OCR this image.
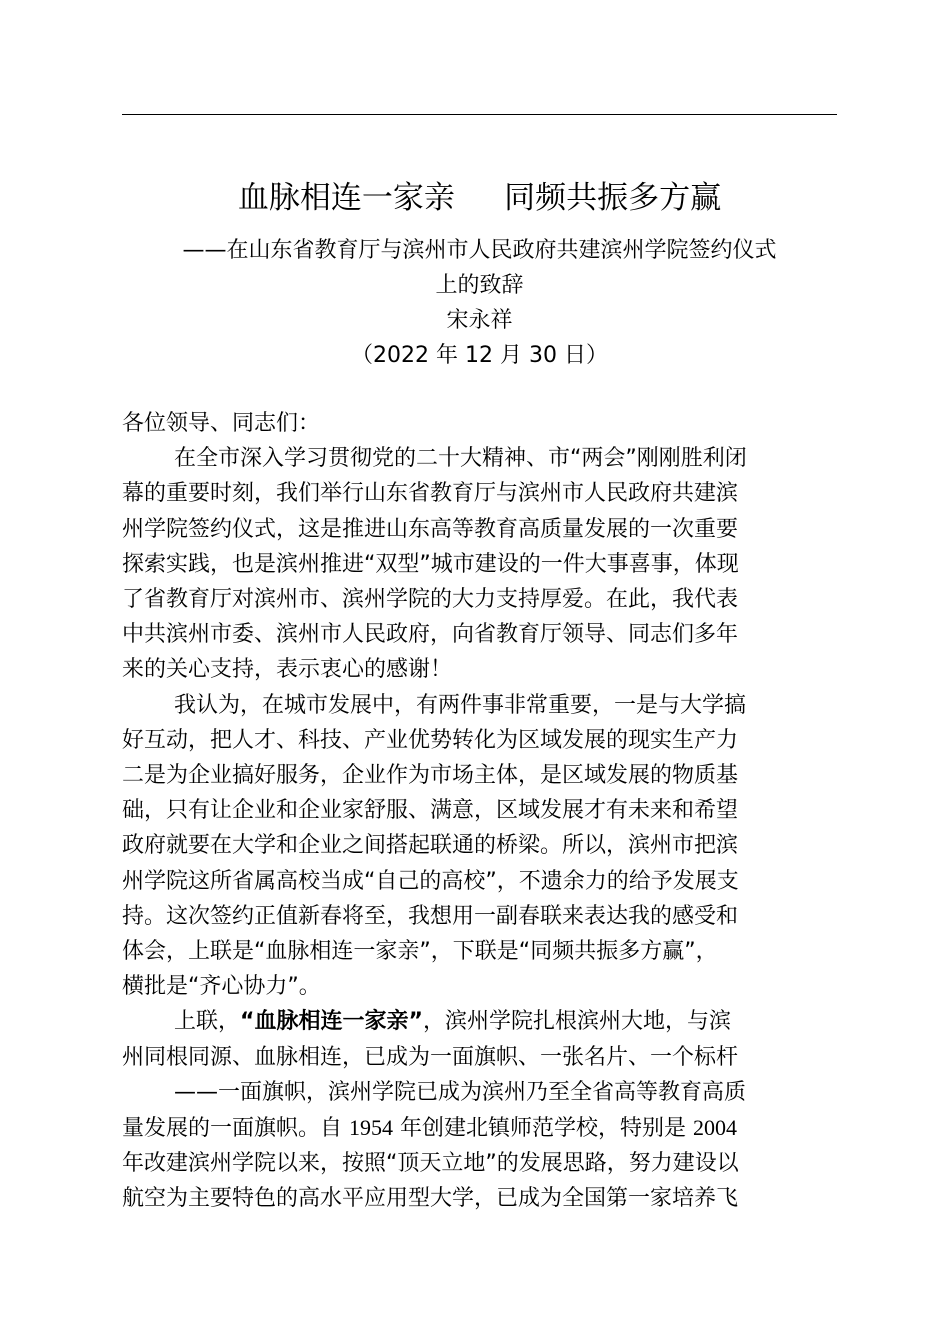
血脉相连一家亲     同频共振多方赢
——在山东省教育厅与滨州市人民政府共建滨州学院签约仪式
上的致辞
宋永祥
（2022 年 12 月 30 日）
各位领导、同志们：
在全市深入学习贯彻党的二十大精神、市“两会”刚刚胜利闭
幕的重要时刻，我们举行山东省教育厅与滨州市人民政府共建滨
州学院签约仪式，这是推进山东高等教育高质量发展的一次重要
探索实践，也是滨州推进“双型”城市建设的一件大事喜事，体现
了省教育厅对滨州市、滨州学院的大力支持厚爱。在此，我代表
中共滨州市委、滨州市人民政府，向省教育厅领导、同志们多年
来的关心支持，表示衷心的感谢！
我认为，在城市发展中，有两件事非常重要，一是与大学搞
好互动，把人才、科技、产业优势转化为区域发展的现实生产力
二是为企业搞好服务，企业作为市场主体，是区域发展的物质基
础，只有让企业和企业家舒服、满意，区域发展才有未来和希望
政府就要在大学和企业之间搭起联通的桥梁。所以，滨州市把滨
州学院这所省属高校当成“自己的高校”，不遗余力的给予发展支
持。这次签约正值新春将至，我想用一副春联来表达我的感受和
体会，上联是“血脉相连一家亲”，下联是“同频共振多方赢”，
横批是“齐心协力”。
上联，“血脉相连一家亲”，滨州学院扎根滨州大地，与滨
州同根同源、血脉相连，已成为一面旗帜、一张名片、一个标杆
——一面旗帜，滨州学院已成为滨州乃至全省高等教育高质
量发展的一面旗帜。自 1954 年创建北镇师范学校，特别是 2004
年改建滨州学院以来，按照“顶天立地”的发展思路，努力建设以
航空为主要特色的高水平应用型大学，已成为全国第一家培养飞
